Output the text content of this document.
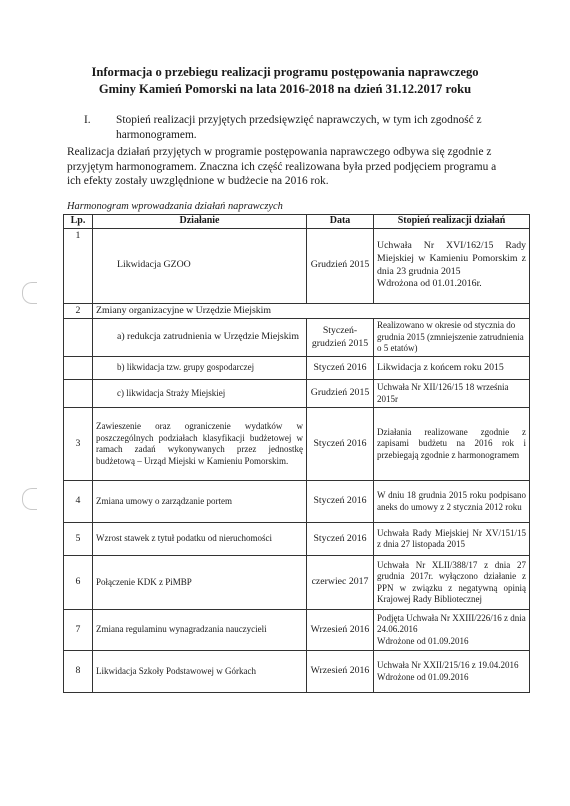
Informacja o przebiegu realizacji programu postępowania naprawczego
Gminy Kamień Pomorski na lata 2016-2018 na dzień 31.12.2017 roku
I. Stopień realizacji przyjętych przedsięwzięć naprawczych, w tym ich zgodność z
harmonogramem.
Realizacja działań przyjętych w programie postępowania naprawczego odbywa się zgodnie z
przyjętym harmonogramem. Znaczna ich część realizowana była przed podjęciem programu a
ich efekty zostały uwzględnione w budżecie na 2016 rok.
Harmonogram wprowadzania działań naprawczych
Lp.	Działanie	Data	Stopień realizacji działań
1	Likwidacja GZOO	Grudzień 2015	Uchwała Nr XVI/162/15 Rady Miejskiej w Kamieniu Pomorskim z dnia 23 grudnia 2015
Wdrożona od 01.01.2016r.

2	Zmiany organizacyjne w Urzędzie Miejskim		
	a) redukcja zatrudnienia w Urzędzie Miejskim	Styczeń-grudzień 2015	Realizowano w okresie od stycznia do grudnia 2015 (zmniejszenie zatrudnienia o 5 etatów)
	b) likwidacja tzw. grupy gospodarczej	Styczeń 2016	Likwidacja z końcem roku 2015
	c) likwidacja Straży Miejskiej	Grudzień 2015	Uchwała Nr XII/126/15 18 września 2015r
3	Zawieszenie oraz ograniczenie wydatków w poszczególnych podziałach klasyfikacji budżetowej w ramach zadań wykonywanych przez jednostkę budżetową – Urząd Miejski w Kamieniu Pomorskim.	Styczeń 2016	Działania realizowane zgodnie z zapisami budżetu na 2016 rok i przebiegają zgodnie z harmonogramem
4	Zmiana umowy o zarządzanie portem	Styczeń 2016	W dniu 18 grudnia 2015 roku podpisano aneks do umowy z 2 stycznia 2012 roku
5	Wzrost stawek z tytuł podatku od nieruchomości	Styczeń 2016	Uchwała Rady Miejskiej Nr XV/151/15 z dnia 27 listopada 2015
6	Połączenie KDK z PiMBP	czerwiec 2017	Uchwała Nr XLII/388/17 z dnia 27 grudnia 2017r. wyłączono działanie z PPN w związku z negatywną opinią Krajowej Rady Bibliotecznej
7	Zmiana regulaminu wynagradzania nauczycieli	Wrzesień 2016	Podjęta Uchwała Nr XXIII/226/16 z dnia 24.06.2016
Wdrożone od 01.09.2016

8	Likwidacja Szkoły Podstawowej w Górkach	Wrzesień 2016	Uchwała Nr XXII/215/16 z 19.04.2016
Wdrożone od 01.09.2016
